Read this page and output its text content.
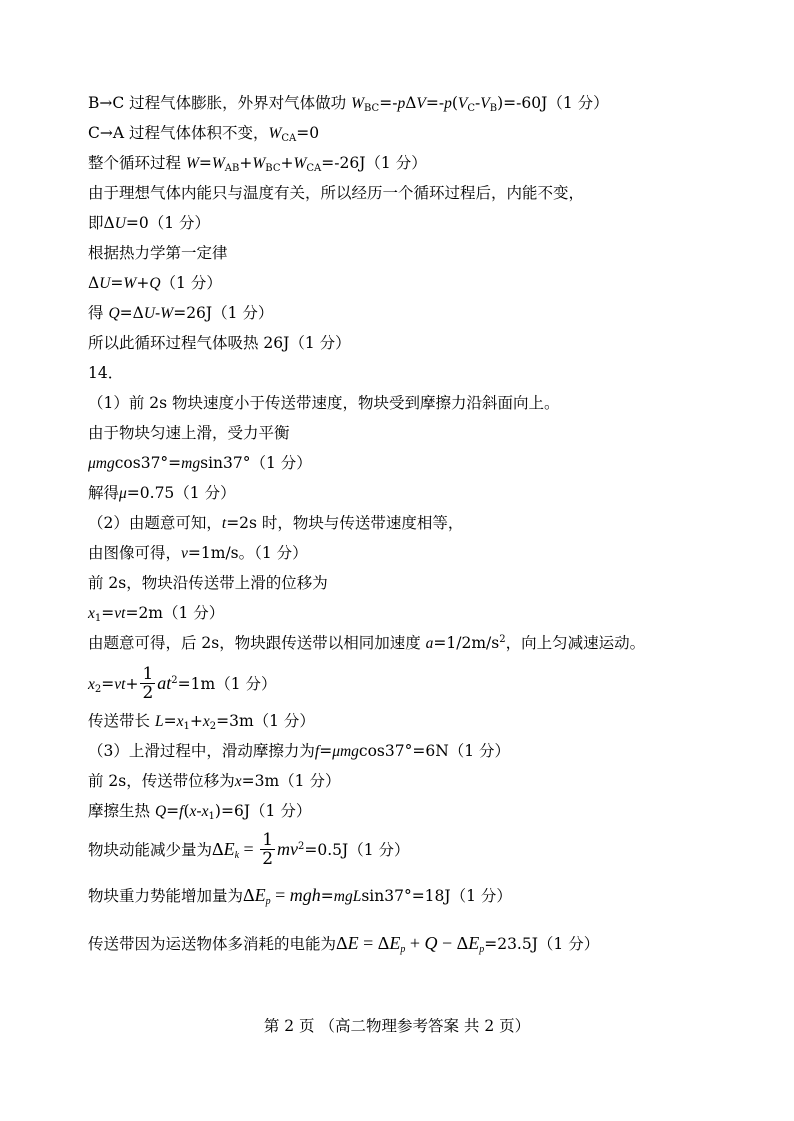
B→C 过程气体膨胀，外界对气体做功 $W_{BC}=-p\Delta V=-p(V_C-V_B)=-60J(1$ 分）
C→A 过程气体体积不变，$W_{CA}=0$
整个循环过程 $W=W_{AB}+W_{BC}+W_{CA}=-26J(1$ 分）
由于理想气体内能只与温度有关，所以经历一个循环过程后，内能不变，
即ΔU=0（1 分）
根据热力学第一定律
ΔU=W+Q（1 分）
得 Q=ΔU-W=26J（1 分）
所以此循环过程气体吸热 26J（1 分）
14．
（1）前 2s 物块速度小于传送带速度，物块受到摩擦力沿斜面向上。
由于物块匀速上滑，受力平衡
μmgcos37°=mgsin37°（1 分）
解得μ=0.75（1 分）
（2）由题意可知，t=2s 时，物块与传送带速度相等，
由图像可得，v=1m/s。（1 分）
前 2s，物块沿传送带上滑的位移为
$x_1=vt=2m(1$ 分）
由题意可得，后 2s，物块跟传送带以相同加速度 $a=1/2m/s^2$，向上匀减速运动。
$x_2=vt+ \frac{1}{2} at^2=1m(1$ 分）
传送带长 $L=x_1+x_2=3m(1$ 分）
（3）上滑过程中，滑动摩擦力为f=μmgcos37°=6N（1 分）
前 2s，传送带位移为x=3m（1 分）
摩擦生热 $Q=f(x-x_1)=6J(1$ 分）
物块动能减少量为$\Delta E_k = \frac{1}{2} mv^2=0.5J(1$ 分）
物块重力势能增加量为$\Delta E_p = mgh=mgLsin37^\circ=18J(1$ 分）
传送带因为运送物体多消耗的电能为$\Delta E = \Delta E_p + Q - \Delta E_p=23.5J(1$ 分）
第 2 页 （高二物理参考答案 共 2 页）
